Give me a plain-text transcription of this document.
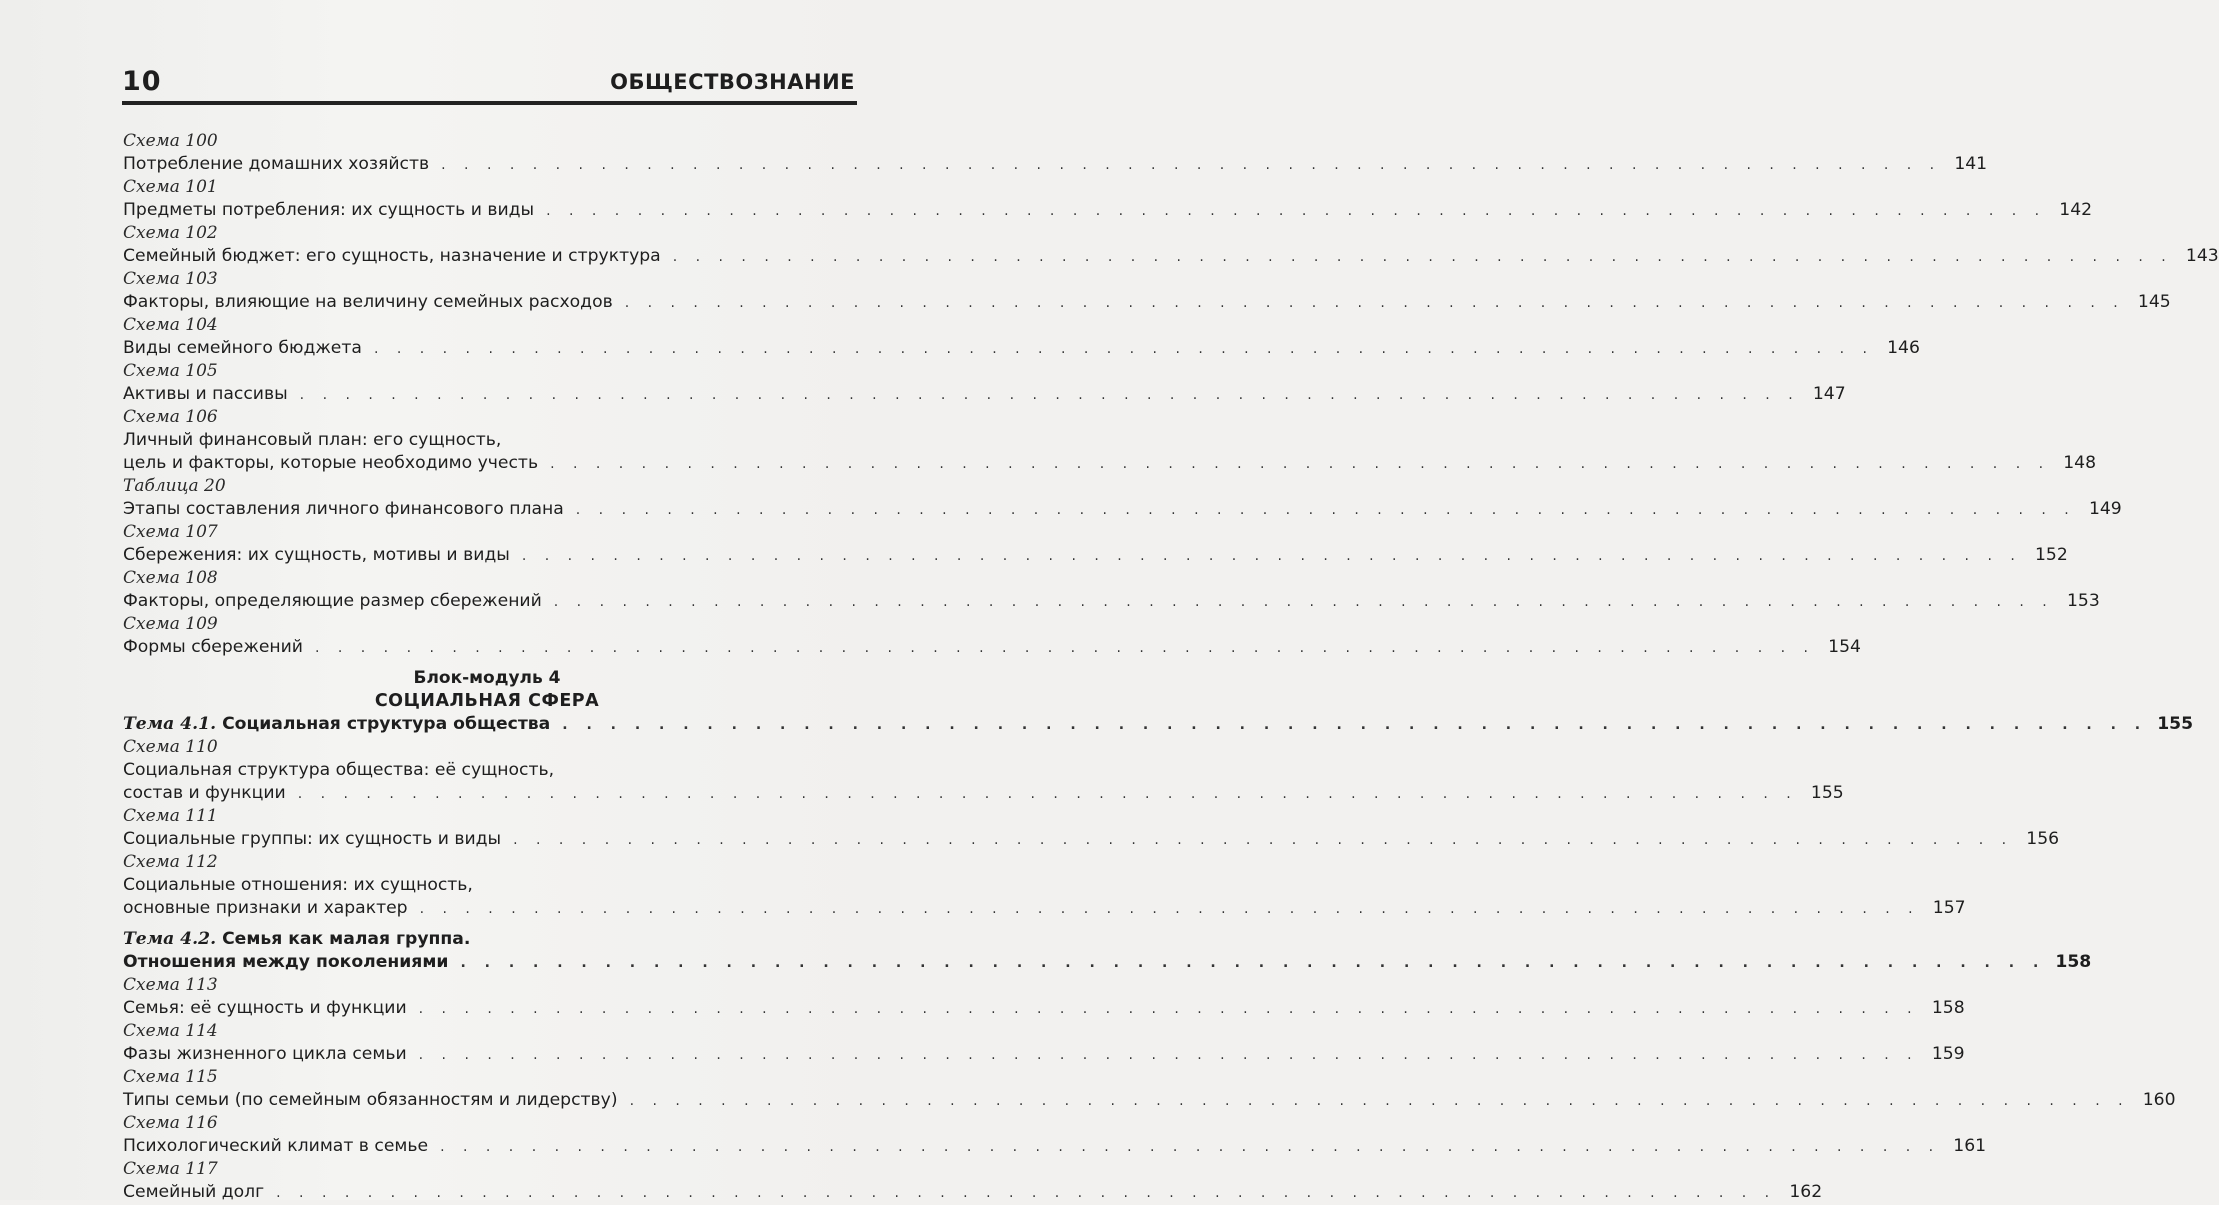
10	ОБЩЕСТВОЗНАНИЕ
Схема 100
Потребление домашних хозяйств . . . . . . . . . . . . . . . . . . . . . . . . . . . . . . . . . . . . . . . . . . . . . . . . . . . . . . . . . . . . . . . . . . 141
Схема 101
Предметы потребления: их сущность и виды . . . . . . . . . . . . . . . . . . . . . . . . . . . . . . . . . . . . . . . . . . . . . . . . . . . . . . . . . . . . . . . . . . 142
Схема 102
Семейный бюджет: его сущность, назначение и структура . . . . . . . . . . . . . . . . . . . . . . . . . . . . . . . . . . . . . . . . . . . . . . . . . . . . . . . . . . . . . . . . . . 143
Схема 103
Факторы, влияющие на величину семейных расходов . . . . . . . . . . . . . . . . . . . . . . . . . . . . . . . . . . . . . . . . . . . . . . . . . . . . . . . . . . . . . . . . . . 145
Схема 104
Виды семейного бюджета . . . . . . . . . . . . . . . . . . . . . . . . . . . . . . . . . . . . . . . . . . . . . . . . . . . . . . . . . . . . . . . . . . 146
Схема 105
Активы и пассивы . . . . . . . . . . . . . . . . . . . . . . . . . . . . . . . . . . . . . . . . . . . . . . . . . . . . . . . . . . . . . . . . . . 147
Схема 106
Личный финансовый план: его сущность,
цель и факторы, которые необходимо учесть . . . . . . . . . . . . . . . . . . . . . . . . . . . . . . . . . . . . . . . . . . . . . . . . . . . . . . . . . . . . . . . . . . 148
Таблица 20
Этапы составления личного финансового плана . . . . . . . . . . . . . . . . . . . . . . . . . . . . . . . . . . . . . . . . . . . . . . . . . . . . . . . . . . . . . . . . . . 149
Схема 107
Сбережения: их сущность, мотивы и виды . . . . . . . . . . . . . . . . . . . . . . . . . . . . . . . . . . . . . . . . . . . . . . . . . . . . . . . . . . . . . . . . . . 152
Схема 108
Факторы, определяющие размер сбережений . . . . . . . . . . . . . . . . . . . . . . . . . . . . . . . . . . . . . . . . . . . . . . . . . . . . . . . . . . . . . . . . . . 153
Схема 109
Формы сбережений . . . . . . . . . . . . . . . . . . . . . . . . . . . . . . . . . . . . . . . . . . . . . . . . . . . . . . . . . . . . . . . . . . 154
Блок-модуль 4
СОЦИАЛЬНАЯ СФЕРА
Тема 4.1. Социальная структура общества . . . . . . . . . . . . . . . . . . . . . . . . . . . . . . . . . . . . . . . . . . . . . . . . . . . . . . . . . . . . . . . . . . 155
Схема 110
Социальная структура общества: её сущность,
состав и функции . . . . . . . . . . . . . . . . . . . . . . . . . . . . . . . . . . . . . . . . . . . . . . . . . . . . . . . . . . . . . . . . . . 155
Схема 111
Социальные группы: их сущность и виды . . . . . . . . . . . . . . . . . . . . . . . . . . . . . . . . . . . . . . . . . . . . . . . . . . . . . . . . . . . . . . . . . . 156
Схема 112
Социальные отношения: их сущность,
основные признаки и характер . . . . . . . . . . . . . . . . . . . . . . . . . . . . . . . . . . . . . . . . . . . . . . . . . . . . . . . . . . . . . . . . . . 157
Тема 4.2. Семья как малая группа.
Отношения между поколениями . . . . . . . . . . . . . . . . . . . . . . . . . . . . . . . . . . . . . . . . . . . . . . . . . . . . . . . . . . . . . . . . . . 158
Схема 113
Семья: её сущность и функции . . . . . . . . . . . . . . . . . . . . . . . . . . . . . . . . . . . . . . . . . . . . . . . . . . . . . . . . . . . . . . . . . . 158
Схема 114
Фазы жизненного цикла семьи . . . . . . . . . . . . . . . . . . . . . . . . . . . . . . . . . . . . . . . . . . . . . . . . . . . . . . . . . . . . . . . . . . 159
Схема 115
Типы семьи (по семейным обязанностям и лидерству) . . . . . . . . . . . . . . . . . . . . . . . . . . . . . . . . . . . . . . . . . . . . . . . . . . . . . . . . . . . . . . . . . . 160
Схема 116
Психологический климат в семье . . . . . . . . . . . . . . . . . . . . . . . . . . . . . . . . . . . . . . . . . . . . . . . . . . . . . . . . . . . . . . . . . . 161
Схема 117
Семейный долг . . . . . . . . . . . . . . . . . . . . . . . . . . . . . . . . . . . . . . . . . . . . . . . . . . . . . . . . . . . . . . . . . . 162
